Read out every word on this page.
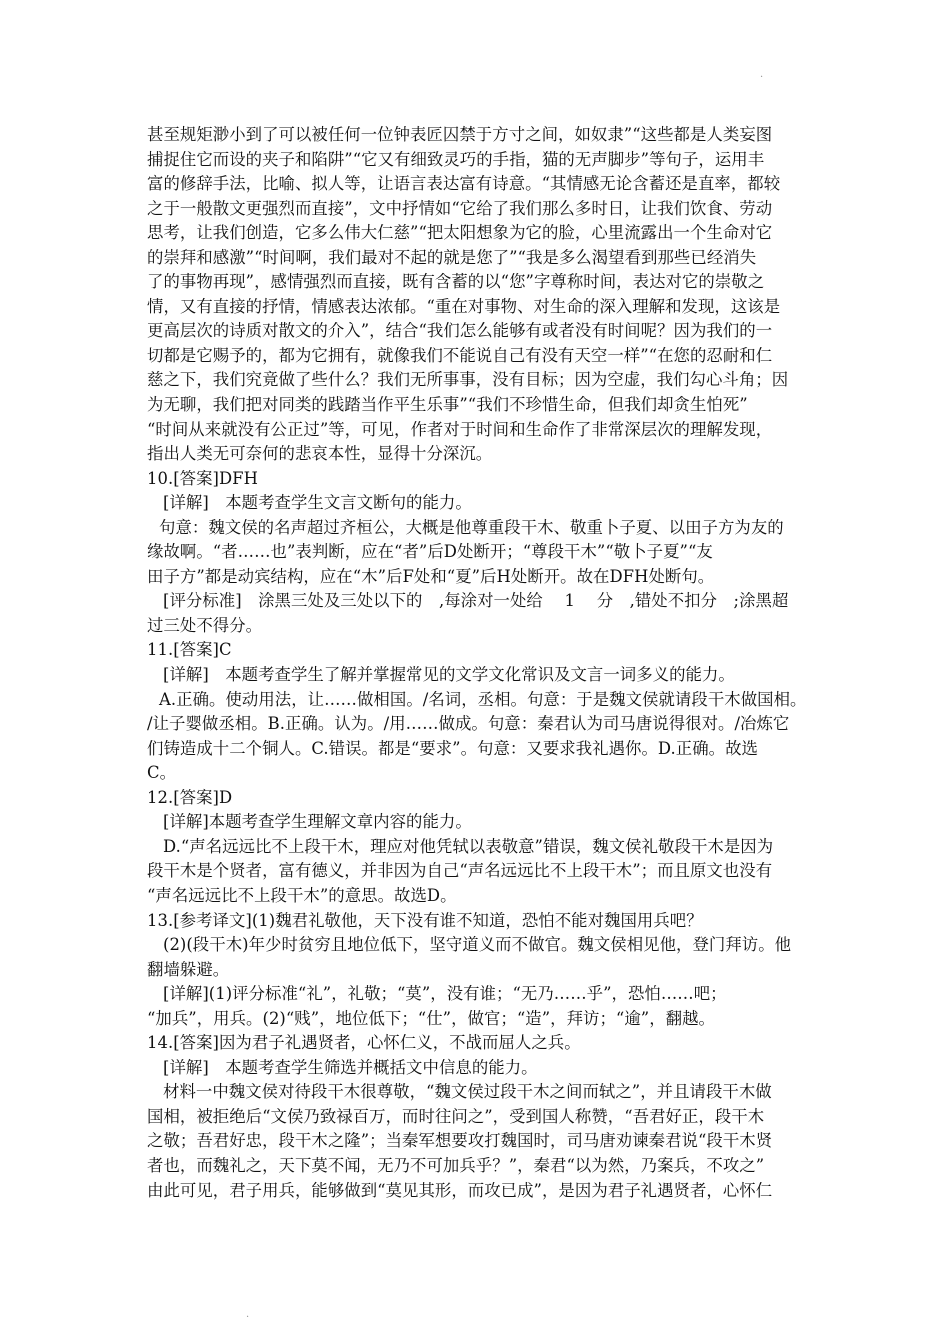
·
甚至规矩渺小到了可以被任何一位钟表匠囚禁于方寸之间，如奴隶”“这些都是人类妄图
捕捉住它而设的夹子和陷阱”“它又有细致灵巧的手指，猫的无声脚步”等句子，运用丰
富的修辞手法，比喻、拟人等，让语言表达富有诗意。“其情感无论含蓄还是直率，都较
之于一般散文更强烈而直接”，文中抒情如“它给了我们那么多时日，让我们饮食、劳动
思考，让我们创造，它多么伟大仁慈”“把太阳想象为它的脸，心里流露出一个生命对它
的崇拜和感激”“时间啊，我们最对不起的就是您了”“我是多么渴望看到那些已经消失
了的事物再现”，感情强烈而直接，既有含蓄的以“您”字尊称时间，表达对它的崇敬之
情，又有直接的抒情，情感表达浓郁。“重在对事物、对生命的深入理解和发现，这该是
更高层次的诗质对散文的介入”，结合“我们怎么能够有或者没有时间呢？因为我们的一
切都是它赐予的，都为它拥有，就像我们不能说自己有没有天空一样”“在您的忍耐和仁
慈之下，我们究竟做了些什么？我们无所事事，没有目标；因为空虚，我们勾心斗角；因
为无聊，我们把对同类的践踏当作平生乐事”“我们不珍惜生命，但我们却贪生怕死”
“时间从来就没有公正过”等，可见，作者对于时间和生命作了非常深层次的理解发现，
指出人类无可奈何的悲哀本性，显得十分深沉。
10.[答案]DFH
[详解]　本题考查学生文言文断句的能力。
句意：魏文侯的名声超过齐桓公，大概是他尊重段干木、敬重卜子夏、以田子方为友的
缘故啊。“者……也”表判断，应在“者”后D处断开；“尊段干木”“敬卜子夏”“友
田子方”都是动宾结构，应在“木”后F处和“夏”后H处断开。故在DFH处断句。
[评分标准]　涂黑三处及三处以下的　,每涂对一处给　 1　 分　,错处不扣分　;涂黑超
过三处不得分。
11.[答案]C
[详解]　本题考查学生了解并掌握常见的文学文化常识及文言一词多义的能力。
A.正确。使动用法，让……做相国。/名词，丞相。句意：于是魏文侯就请段干木做国相。
/让子婴做丞相。B.正确。认为。/用……做成。句意：秦君认为司马唐说得很对。/冶炼它
们铸造成十二个铜人。C.错误。都是“要求”。句意：又要求我礼遇你。D.正确。故选
C。
12.[答案]D
[详解]本题考查学生理解文章内容的能力。
D.“声名远远比不上段干木，理应对他凭轼以表敬意”错误，魏文侯礼敬段干木是因为
段干木是个贤者，富有德义，并非因为自己“声名远远比不上段干木”；而且原文也没有
“声名远远比不上段干木”的意思。故选D。
13.[参考译文](1)魏君礼敬他，天下没有谁不知道，恐怕不能对魏国用兵吧？
(2)(段干木)年少时贫穷且地位低下，坚守道义而不做官。魏文侯相见他，登门拜访。他
翻墙躲避。
[详解](1)评分标准“礼”，礼敬；“莫”，没有谁；“无乃……乎”，恐怕……吧；
“加兵”，用兵。(2)“贱”，地位低下；“仕”，做官；“造”，拜访；“逾”，翻越。
14.[答案]因为君子礼遇贤者，心怀仁义，不战而屈人之兵。
[详解]　本题考查学生筛选并概括文中信息的能力。
材料一中魏文侯对待段干木很尊敬，“魏文侯过段干木之间而轼之”，并且请段干木做
国相，被拒绝后“文侯乃致禄百万，而时往问之”，受到国人称赞，“吾君好正，段干木
之敬；吾君好忠，段干木之隆”；当秦军想要攻打魏国时，司马唐劝谏秦君说“段干木贤
者也，而魏礼之，天下莫不闻，无乃不可加兵乎？”，秦君“以为然，乃案兵，不攻之”
由此可见，君子用兵，能够做到“莫见其形，而攻已成”，是因为君子礼遇贤者，心怀仁
·
